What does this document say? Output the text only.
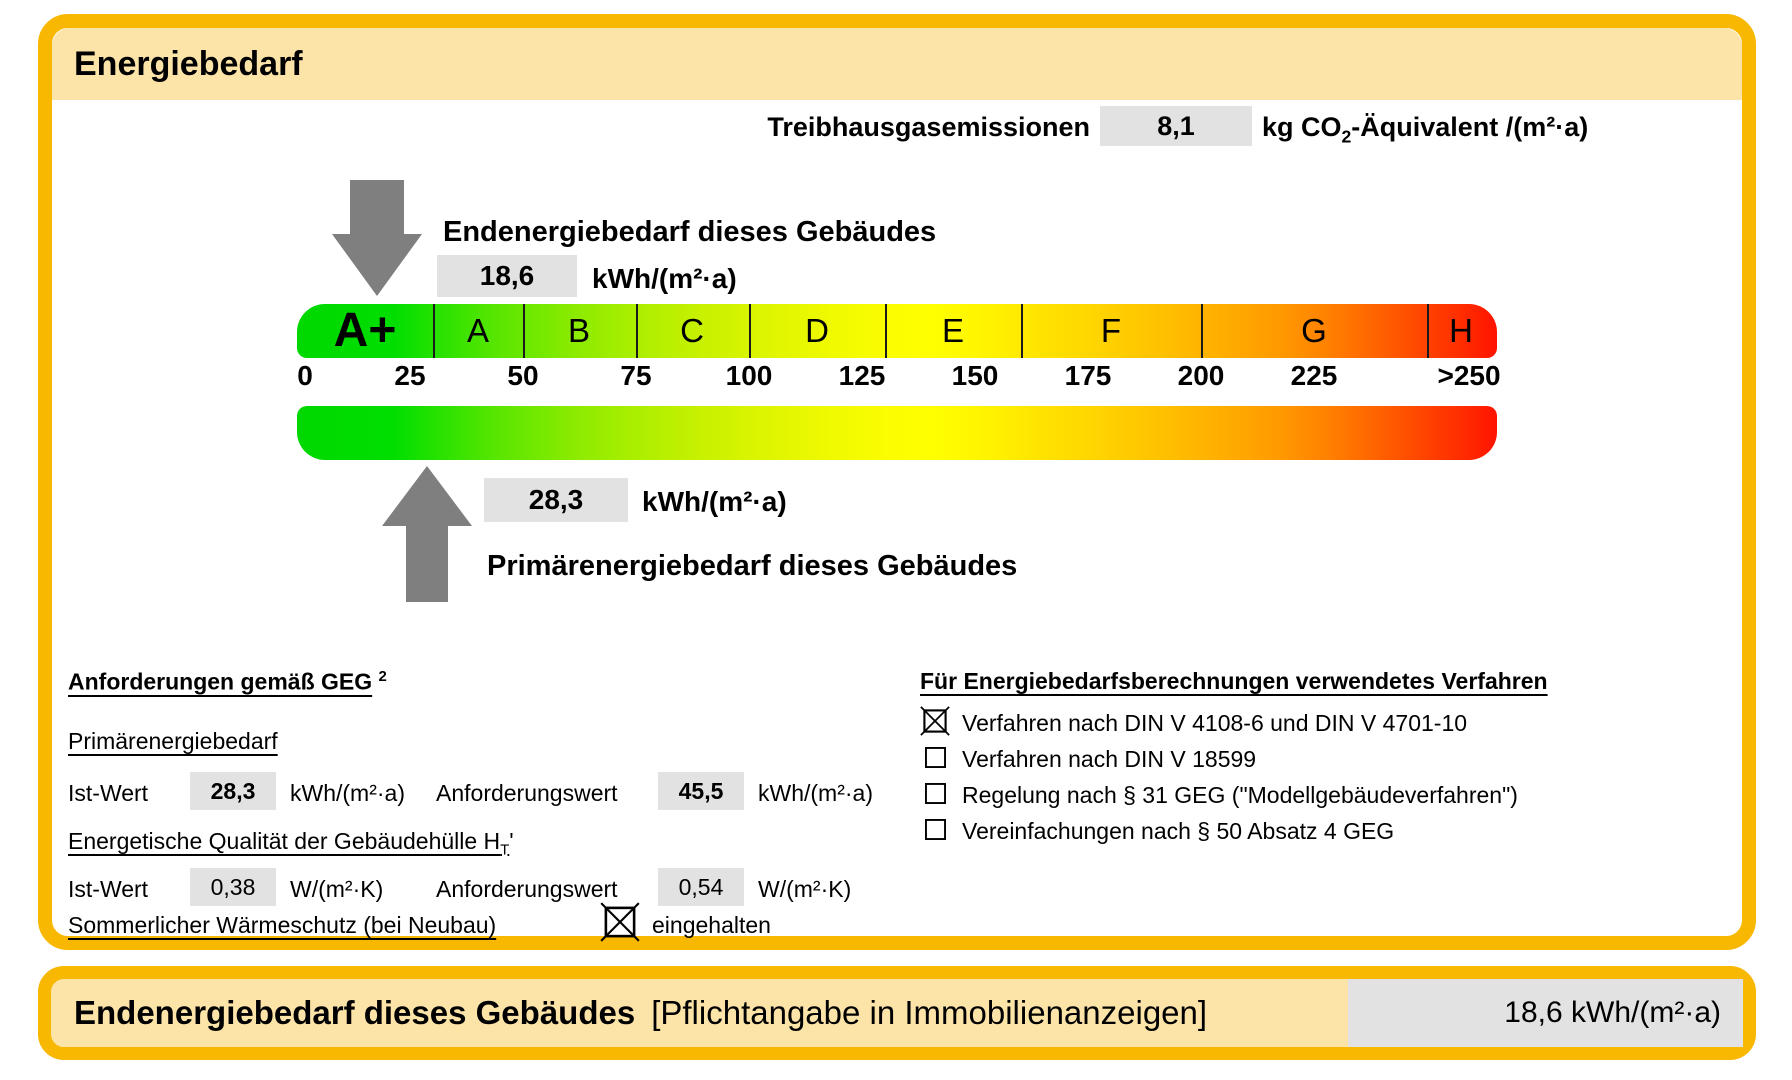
Energiebedarf
Treibhausgasemissionen 8,1 kg $CO_2$-Äquivalent /(m²·a)
Endenergiebedarf dieses Gebäudes
18,6 kWh/(m²·a)
A+ A B	C	D	E	F	G	H
0	25	50	75	100 125 150 175 200 225	>250
28,3 kWh/(m²·a)
Primärenergiebedarf dieses Gebäudes
Anforderungen gemäß GEG $^2$
Primärenergiebedarf
Ist-Wert	28,3 kWh/(m²·a) Anforderungswert	45,5 kWh/(m²·a)
Energetische Qualität der Gebäudehülle $H_T'$
Ist-Wert	0,38 W/(m²·K) Anforderungswert	0,54 W/(m²·K)
Sommerlicher Wärmeschutz (bei Neubau)	eingehalten
Für Energiebedarfsberechnungen verwendetes Verfahren
Verfahren nach DIN V 4108-6 und DIN V 4701-10
Verfahren nach DIN V 18599
Regelung nach § 31 GEG ("Modellgebäudeverfahren")
Vereinfachungen nach § 50 Absatz 4 GEG
Endenergiebedarf dieses Gebäudes [Pflichtangabe in Immobilienanzeigen]	18,6 kWh/(m²·a)
